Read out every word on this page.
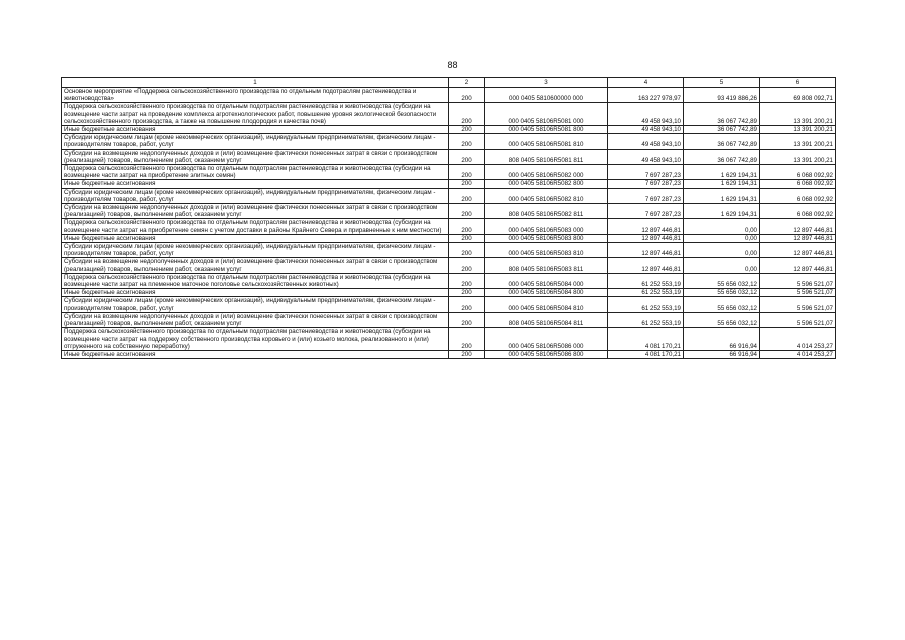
88
1	2	3	4	5	6
Основное мероприятие «Поддержка сельскохозяйственного производства по отдельным подотраслям растениеводства и животноводства»	200	000 0405 5810600000 000	163 227 978,97	93 419 886,26	69 808 092,71
Поддержка сельскохозяйственного производства по отдельным подотраслям растениеводства и животноводства (субсидии на возмещение части затрат на проведение комплекса агротехнологических работ, повышение уровня экологической безопасности сельскохозяйственного производства, а также на повышение плодородия и качества почв)	200	000 0405 58106R5081 000	49 458 943,10	36 067 742,89	13 391 200,21
Иные бюджетные ассигнования	200	000 0405 58106R5081 800	49 458 943,10	36 067 742,89	13 391 200,21
Субсидии юридическим лицам (кроме некоммерческих организаций), индивидуальным предпринимателям, физическим лицам - производителям товаров, работ, услуг	200	000 0405 58106R5081 810	49 458 943,10	36 067 742,89	13 391 200,21
Субсидии на возмещение недополученных доходов и (или) возмещение фактически понесенных затрат в связи с производством (реализацией) товаров, выполнением работ, оказанием услуг	200	808 0405 58106R5081 811	49 458 943,10	36 067 742,89	13 391 200,21
Поддержка сельскохозяйственного производства по отдельным подотраслям растениеводства и животноводства (субсидии на возмещение части затрат на приобретение элитных семян)	200	000 0405 58106R5082 000	7 697 287,23	1 629 194,31	6 068 092,92
Иные бюджетные ассигнования	200	000 0405 58106R5082 800	7 697 287,23	1 629 194,31	6 068 092,92
Субсидии юридическим лицам (кроме некоммерческих организаций), индивидуальным предпринимателям, физическим лицам - производителям товаров, работ, услуг	200	000 0405 58106R5082 810	7 697 287,23	1 629 194,31	6 068 092,92
Субсидии на возмещение недополученных доходов и (или) возмещение фактически понесенных затрат в связи с производством (реализацией) товаров, выполнением работ, оказанием услуг	200	808 0405 58106R5082 811	7 697 287,23	1 629 194,31	6 068 092,92
Поддержка сельскохозяйственного производства по отдельным подотраслям растениеводства и животноводства (субсидии на возмещение части затрат на приобретение семян с учетом доставки в районы Крайнего Севера и приравненные к ним местности)	200	000 0405 58106R5083 000	12 897 446,81	0,00	12 897 446,81
Иные бюджетные ассигнования	200	000 0405 58106R5083 800	12 897 446,81	0,00	12 897 446,81
Субсидии юридическим лицам (кроме некоммерческих организаций), индивидуальным предпринимателям, физическим лицам - производителям товаров, работ, услуг	200	000 0405 58106R5083 810	12 897 446,81	0,00	12 897 446,81
Субсидии на возмещение недополученных доходов и (или) возмещение фактически понесенных затрат в связи с производством (реализацией) товаров, выполнением работ, оказанием услуг	200	808 0405 58106R5083 811	12 897 446,81	0,00	12 897 446,81
Поддержка сельскохозяйственного производства по отдельным подотраслям растениеводства и животноводства (субсидии на возмещение части затрат на племенное маточное поголовье сельскохозяйственных животных)	200	000 0405 58106R5084 000	61 252 553,19	55 656 032,12	5 596 521,07
Иные бюджетные ассигнования	200	000 0405 58106R5084 800	61 252 553,19	55 656 032,12	5 596 521,07
Субсидии юридическим лицам (кроме некоммерческих организаций), индивидуальным предпринимателям, физическим лицам - производителям товаров, работ, услуг	200	000 0405 58106R5084 810	61 252 553,19	55 656 032,12	5 596 521,07
Субсидии на возмещение недополученных доходов и (или) возмещение фактически понесенных затрат в связи с производством (реализацией) товаров, выполнением работ, оказанием услуг	200	808 0405 58106R5084 811	61 252 553,19	55 656 032,12	5 596 521,07
Поддержка сельскохозяйственного производства по отдельным подотраслям растениеводства и животноводства (субсидии на возмещение части затрат на поддержку собственного производства коровьего и (или) козьего молока, реализованного и (или) отгруженного на собственную переработку)	200	000 0405 58106R5086 000	4 081 170,21	66 916,94	4 014 253,27
Иные бюджетные ассигнования	200	000 0405 58106R5086 800	4 081 170,21	66 916,94	4 014 253,27
